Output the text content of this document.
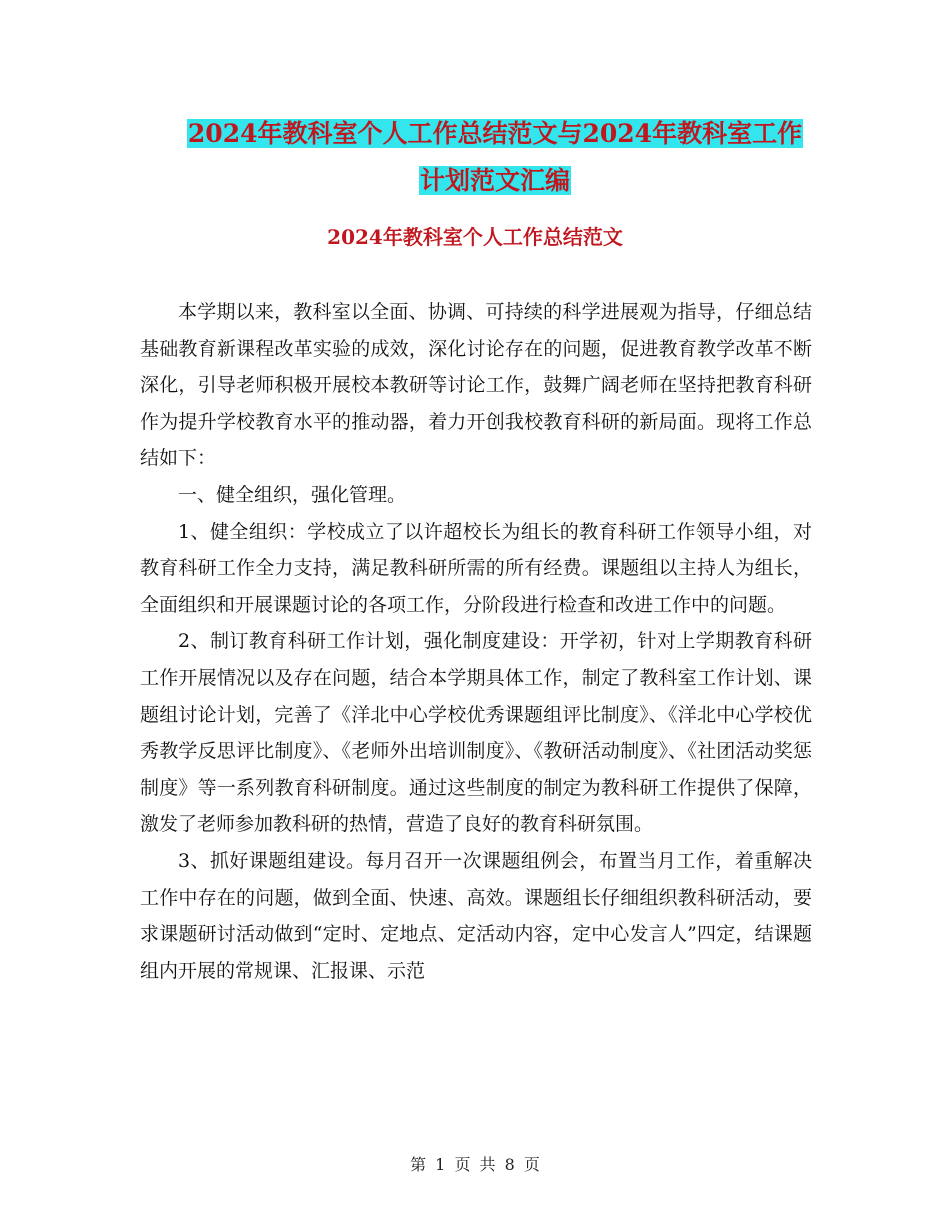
2024年教科室个人工作总结范文与2024年教科室工作
计划范文汇编
2024年教科室个人工作总结范文

本学期以来，教科室以全面、协调、可持续的科学进展观为指导，仔细总结基础教育新课程改革实验的成效，深化讨论存在的问题，促进教育教学改革不断深化，引导老师积极开展校本教研等讨论工作，鼓舞广阔老师在坚持把教育科研作为提升学校教育水平的推动器，着力开创我校教育科研的新局面。现将工作总结如下：

一、健全组织，强化管理。

1、健全组织：学校成立了以许超校长为组长的教育科研工作领导小组，对教育科研工作全力支持，满足教科研所需的所有经费。课题组以主持人为组长，全面组织和开展课题讨论的各项工作，分阶段进行检查和改进工作中的问题。

2、制订教育科研工作计划，强化制度建设：开学初，针对上学期教育科研工作开展情况以及存在问题，结合本学期具体工作，制定了教科室工作计划、课题组讨论计划，完善了《洋北中心学校优秀课题组评比制度》、《洋北中心学校优秀教学反思评比制度》、《老师外出培训制度》、《教研活动制度》、《社团活动奖惩制度》等一系列教育科研制度。通过这些制度的制定为教科研工作提供了保障，激发了老师参加教科研的热情，营造了良好的教育科研氛围。

3、抓好课题组建设。每月召开一次课题组例会，布置当月工作，着重解决工作中存在的问题，做到全面、快速、高效。课题组长仔细组织教科研活动，要求课题研讨活动做到“定时、定地点、定活动内容，定中心发言人”四定，结课题组内开展的常规课、汇报课、示范

第 1 页 共 8 页
